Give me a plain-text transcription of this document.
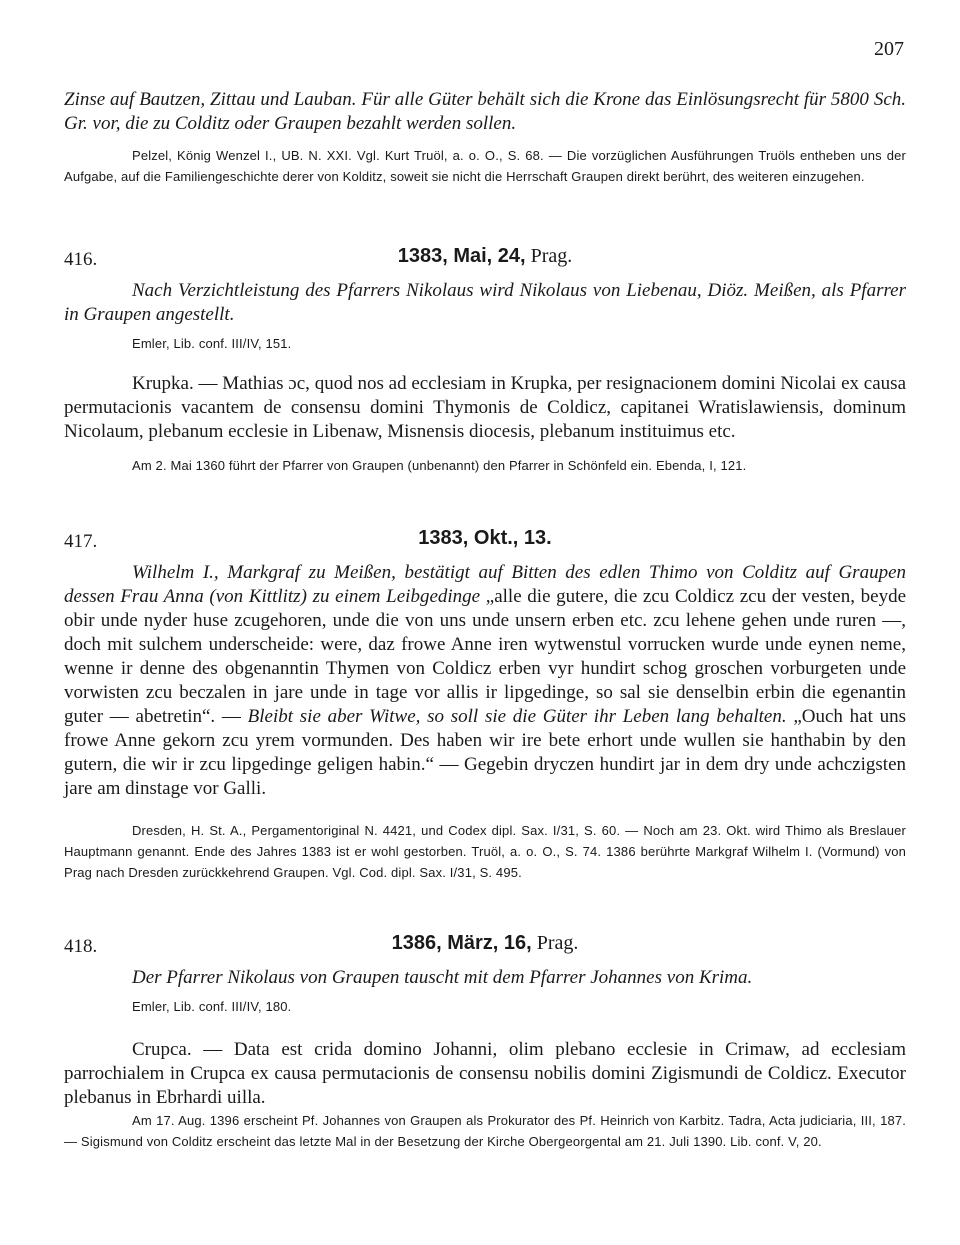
207

Zinse auf Bautzen, Zittau und Lauban. Für alle Güter behält sich die Krone das Einlösungsrecht für 5800 Sch. Gr. vor, die zu Colditz oder Graupen bezahlt werden sollen.

Pelzel, König Wenzel I., UB. N. XXI. Vgl. Kurt Truöl, a. o. O., S. 68. — Die vorzüglichen Ausführungen Truöls entheben uns der Aufgabe, auf die Familiengeschichte derer von Kolditz, soweit sie nicht die Herrschaft Graupen direkt berührt, des weiteren einzugehen.

416.	1383, Mai, 24, Prag.

Nach Verzichtleistung des Pfarrers Nikolaus wird Nikolaus von Liebenau, Diöz. Meißen, als Pfarrer in Graupen angestellt.

Emler, Lib. conf. III/IV, 151.

Krupka. — Mathias ɔc, quod nos ad ecclesiam in Krupka, per resignacionem domini Nicolai ex causa permutacionis vacantem de consensu domini Thymonis de Coldicz, capitanei Wratislawiensis, dominum Nicolaum, plebanum ecclesie in Libenaw, Misnensis diocesis, plebanum instituimus etc.

Am 2. Mai 1360 führt der Pfarrer von Graupen (unbenannt) den Pfarrer in Schönfeld ein. Ebenda, I, 121.

417.	1383, Okt., 13.

Wilhelm I., Markgraf zu Meißen, bestätigt auf Bitten des edlen Thimo von Colditz auf Graupen dessen Frau Anna (von Kittlitz) zu einem Leibgedinge „alle die gutere, die zcu Coldicz zcu der vesten, beyde obir unde nyder huse zcugehoren, unde die von uns unde unsern erben etc. zcu lehene gehen unde ruren —, doch mit sulchem underscheide: were, daz frowe Anne iren wytwenstul vorrucken wurde unde eynen neme, wenne ir denne des obgenanntin Thymen von Coldicz erben vyr hundirt schog groschen vorburgeten unde vorwisten zcu beczalen in jare unde in tage vor allis ir lipgedinge, so sal sie denselbin erbin die egenantin guter — abetretin“. — Bleibt sie aber Witwe, so soll sie die Güter ihr Leben lang behalten. „Ouch hat uns frowe Anne gekorn zcu yrem vormunden. Des haben wir ire bete erhort unde wullen sie hanthabin by den gutern, die wir ir zcu lipgedinge geligen habin.“ — Gegebin dryczen hundirt jar in dem dry unde achczigsten jare am dinstage vor Galli.

Dresden, H. St. A., Pergamentoriginal N. 4421, und Codex dipl. Sax. I/31, S. 60. — Noch am 23. Okt. wird Thimo als Breslauer Hauptmann genannt. Ende des Jahres 1383 ist er wohl gestorben. Truöl, a. o. O., S. 74. 1386 berührte Markgraf Wilhelm I. (Vormund) von Prag nach Dresden zurückkehrend Graupen. Vgl. Cod. dipl. Sax. I/31, S. 495.

418.	1386, März, 16, Prag.

Der Pfarrer Nikolaus von Graupen tauscht mit dem Pfarrer Johannes von Krima.

Emler, Lib. conf. III/IV, 180.

Crupca. — Data est crida domino Johanni, olim plebano ecclesie in Crimaw, ad ecclesiam parrochialem in Crupca ex causa permutacionis de consensu nobilis domini Zigismundi de Coldicz. Executor plebanus in Ebrhardi uilla.

Am 17. Aug. 1396 erscheint Pf. Johannes von Graupen als Prokurator des Pf. Heinrich von Karbitz. Tadra, Acta judiciaria, III, 187. — Sigismund von Colditz erscheint das letzte Mal in der Besetzung der Kirche Obergeorgental am 21. Juli 1390. Lib. conf. V, 20.
